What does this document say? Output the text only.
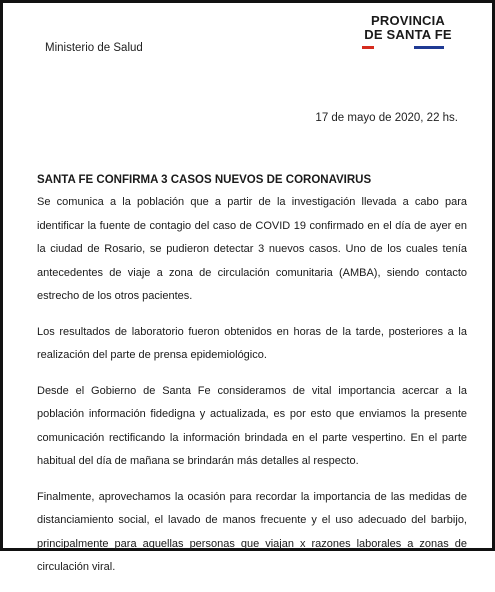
Ministerio de Salud
PROVINCIA
DE SANTA FE
17 de mayo de 2020, 22 hs.
SANTA FE CONFIRMA 3 CASOS NUEVOS DE CORONAVIRUS

Se comunica a la población que a partir de la investigación llevada a cabo para identificar la fuente de contagio del caso de COVID 19 confirmado en el día de ayer en la ciudad de Rosario, se pudieron detectar 3 nuevos casos. Uno de los cuales tenía antecedentes de viaje a zona de circulación comunitaria (AMBA), siendo contacto estrecho de los otros pacientes.

Los resultados de laboratorio fueron obtenidos en horas de la tarde, posteriores a la realización del parte de prensa epidemiológico.

Desde el Gobierno de Santa Fe consideramos de vital importancia acercar a la población información fidedigna y actualizada, es por esto que enviamos la presente comunicación rectificando la información brindada en el parte vespertino. En el parte habitual del día de mañana se brindarán más detalles al respecto.

Finalmente, aprovechamos la ocasión para recordar la importancia de las medidas de distanciamiento social, el lavado de manos frecuente y el uso adecuado del barbijo, principalmente para aquellas personas que viajan x razones laborales a zonas de circulación viral.
